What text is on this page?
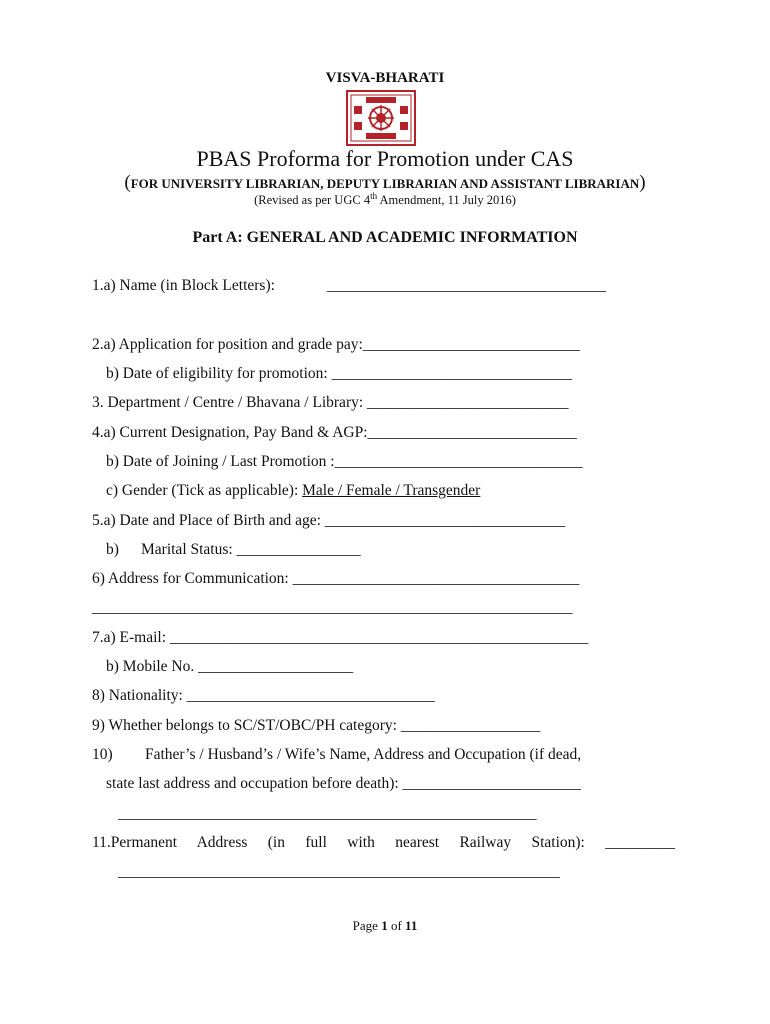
VISVA-BHARATI
PBAS Proforma for Promotion under CAS
(FOR UNIVERSITY LIBRARIAN, DEPUTY LIBRARIAN AND ASSISTANT LIBRARIAN)
(Revised as per UGC 4th Amendment, 11 July 2016)
Part A: GENERAL AND ACADEMIC INFORMATION
1.a) Name (in Block Letters):	____________________________________
2.a) Application for position and grade pay:____________________________
b) Date of eligibility for promotion: _______________________________
3. Department / Centre / Bhavana / Library: __________________________
4.a) Current Designation, Pay Band & AGP:___________________________
b) Date of Joining / Last Promotion :________________________________
c) Gender (Tick as applicable): Male / Female / Transgender
5.a) Date and Place of Birth and age: _______________________________
b) Marital Status: ________________
6) Address for Communication: _____________________________________
______________________________________________________________
7.a) E-mail: ______________________________________________________
b) Mobile No. ____________________
8) Nationality: ________________________________
9) Whether belongs to SC/ST/OBC/PH category: __________________
10) Father’s / Husband’s / Wife’s Name, Address and Occupation (if dead,
state last address and occupation before death): _______________________
______________________________________________________
11.Permanent Address (in full with nearest Railway Station): _________
_________________________________________________________
Page 1 of 11
